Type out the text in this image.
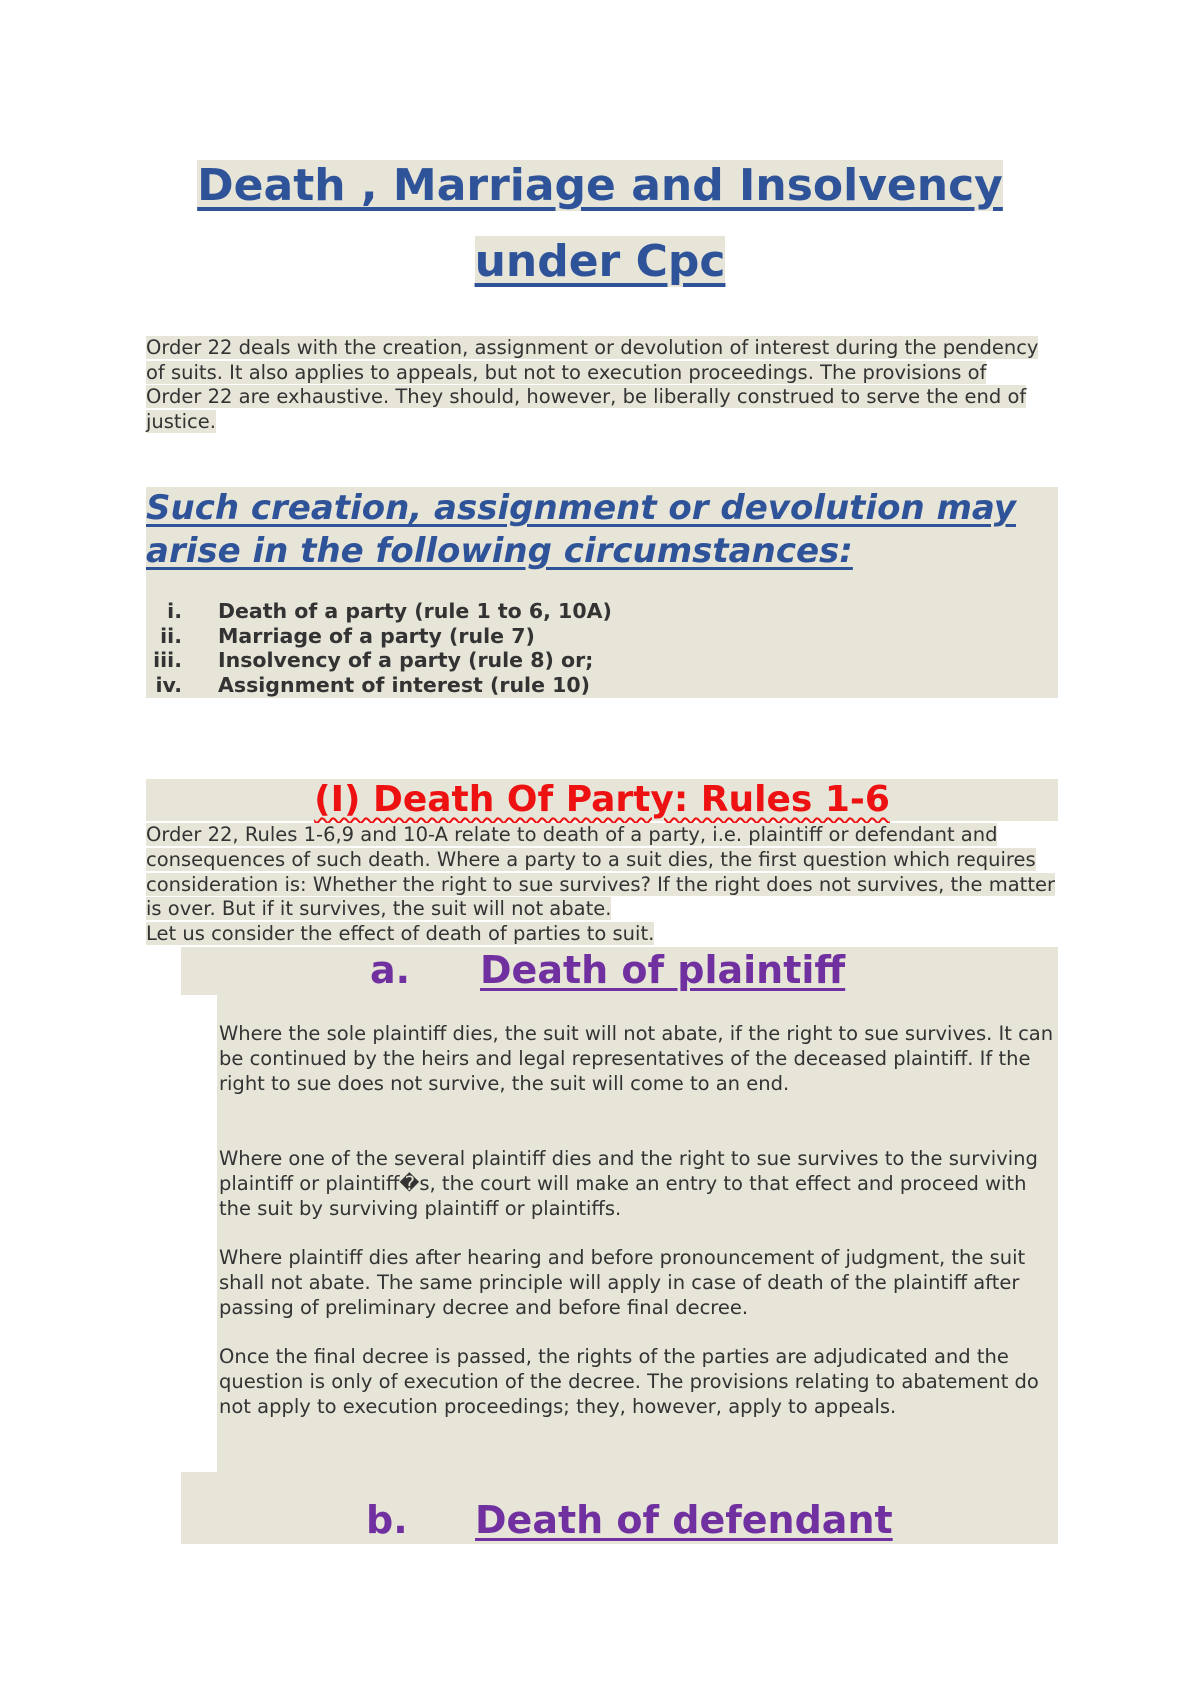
Death , Marriage and Insolvency
under Cpc
Order 22 deals with the creation, assignment or devolution of interest during the pendency of suits. It also applies to appeals, but not to execution proceedings. The provisions of Order 22 are exhaustive. They should, however, be liberally construed to serve the end of justice.
Such creation, assignment or devolution may arise in the following circumstances:
i. Death of a party (rule 1 to 6, 10A)
ii. Marriage of a party (rule 7)
iii. Insolvency of a party (rule 8) or;
iv. Assignment of interest (rule 10)
(I) Death Of Party: Rules 1-6
Order 22, Rules 1-6,9 and 10-A relate to death of a party, i.e. plaintiff or defendant and consequences of such death. Where a party to a suit dies, the first question which requires consideration is: Whether the right to sue survives? If the right does not survives, the matter is over. But if it survives, the suit will not abate.
Let us consider the effect of death of parties to suit.
a. Death of plaintiff
Where the sole plaintiff dies, the suit will not abate, if the right to sue survives. It can be continued by the heirs and legal representatives of the deceased plaintiff. If the right to sue does not survive, the suit will come to an end.
Where one of the several plaintiff dies and the right to sue survives to the surviving plaintiff or plaintiff�s, the court will make an entry to that effect and proceed with the suit by surviving plaintiff or plaintiffs.
Where plaintiff dies after hearing and before pronouncement of judgment, the suit shall not abate. The same principle will apply in case of death of the plaintiff after passing of preliminary decree and before final decree.
Once the final decree is passed, the rights of the parties are adjudicated and the question is only of execution of the decree. The provisions relating to abatement do not apply to execution proceedings; they, however, apply to appeals.
b. Death of defendant
